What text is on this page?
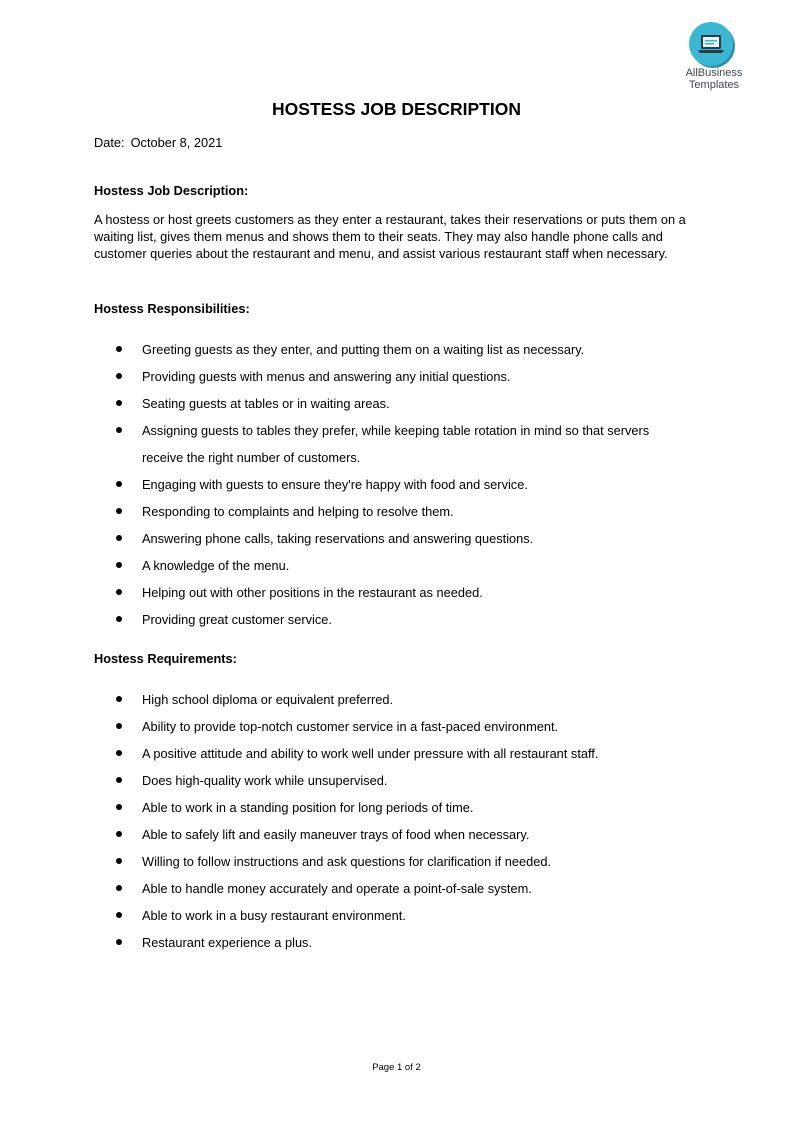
AllBusiness
Templates
HOSTESS JOB DESCRIPTION
Date: October 8, 2021
Hostess Job Description:
A hostess or host greets customers as they enter a restaurant, takes their reservations or puts them on a waiting list, gives them menus and shows them to their seats. They may also handle phone calls and customer queries about the restaurant and menu, and assist various restaurant staff when necessary.
Hostess Responsibilities:
Greeting guests as they enter, and putting them on a waiting list as necessary.
Providing guests with menus and answering any initial questions.
Seating guests at tables or in waiting areas.
Assigning guests to tables they prefer, while keeping table rotation in mind so that servers receive the right number of customers.
Engaging with guests to ensure they're happy with food and service.
Responding to complaints and helping to resolve them.
Answering phone calls, taking reservations and answering questions.
A knowledge of the menu.
Helping out with other positions in the restaurant as needed.
Providing great customer service.
Hostess Requirements:
High school diploma or equivalent preferred.
Ability to provide top-notch customer service in a fast-paced environment.
A positive attitude and ability to work well under pressure with all restaurant staff.
Does high-quality work while unsupervised.
Able to work in a standing position for long periods of time.
Able to safely lift and easily maneuver trays of food when necessary.
Willing to follow instructions and ask questions for clarification if needed.
Able to handle money accurately and operate a point-of-sale system.
Able to work in a busy restaurant environment.
Restaurant experience a plus.
Page 1 of 2
